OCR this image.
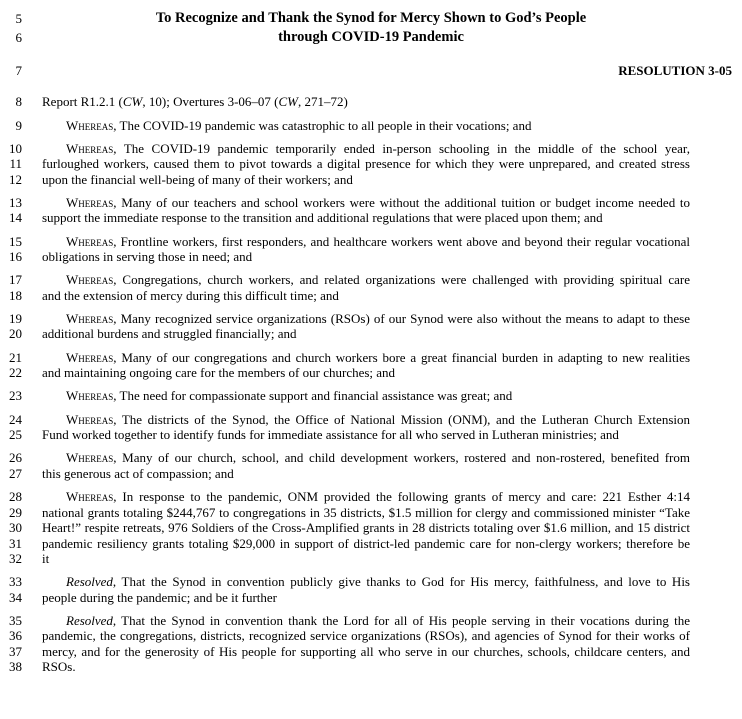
5
6
7
8
9
10
11
12
13
14
15
16
17
18
19
20
21
22
23
24
25
26
27
28
29
30
31
32
33
34
35
36
37
38
To Recognize and Thank the Synod for Mercy Shown to God’s People
through COVID-19 Pandemic
RESOLUTION 3-05
Report R1.2.1 (CW, 10); Overtures 3-06–07 (CW, 271–72)
Whereas, The COVID-19 pandemic was catastrophic to all people in their vocations; and
Whereas, The COVID-19 pandemic temporarily ended in-person schooling in the middle of the school year,
furloughed workers, caused them to pivot towards a digital presence for which they were unprepared, and created stress
upon the financial well-being of many of their workers; and
Whereas, Many of our teachers and school workers were without the additional tuition or budget income needed to
support the immediate response to the transition and additional regulations that were placed upon them; and
Whereas, Frontline workers, first responders, and healthcare workers went above and beyond their regular vocational
obligations in serving those in need; and
Whereas, Congregations, church workers, and related organizations were challenged with providing spiritual care
and the extension of mercy during this difficult time; and
Whereas, Many recognized service organizations (RSOs) of our Synod were also without the means to adapt to these
additional burdens and struggled financially; and
Whereas, Many of our congregations and church workers bore a great financial burden in adapting to new realities
and maintaining ongoing care for the members of our churches; and
Whereas, The need for compassionate support and financial assistance was great; and
Whereas, The districts of the Synod, the Office of National Mission (ONM), and the Lutheran Church Extension
Fund worked together to identify funds for immediate assistance for all who served in Lutheran ministries; and
Whereas, Many of our church, school, and child development workers, rostered and non-rostered, benefited from
this generous act of compassion; and
Whereas, In response to the pandemic, ONM provided the following grants of mercy and care: 221 Esther 4:14
national grants totaling $244,767 to congregations in 35 districts, $1.5 million for clergy and commissioned minister “Take
Heart!” respite retreats, 976 Soldiers of the Cross-Amplified grants in 28 districts totaling over $1.6 million, and 15 district
pandemic resiliency grants totaling $29,000 in support of district-led pandemic care for non-clergy workers; therefore be
it
Resolved, That the Synod in convention publicly give thanks to God for His mercy, faithfulness, and love to His
people during the pandemic; and be it further
Resolved, That the Synod in convention thank the Lord for all of His people serving in their vocations during the
pandemic, the congregations, districts, recognized service organizations (RSOs), and agencies of Synod for their works of
mercy, and for the generosity of His people for supporting all who serve in our churches, schools, childcare centers, and
RSOs.
